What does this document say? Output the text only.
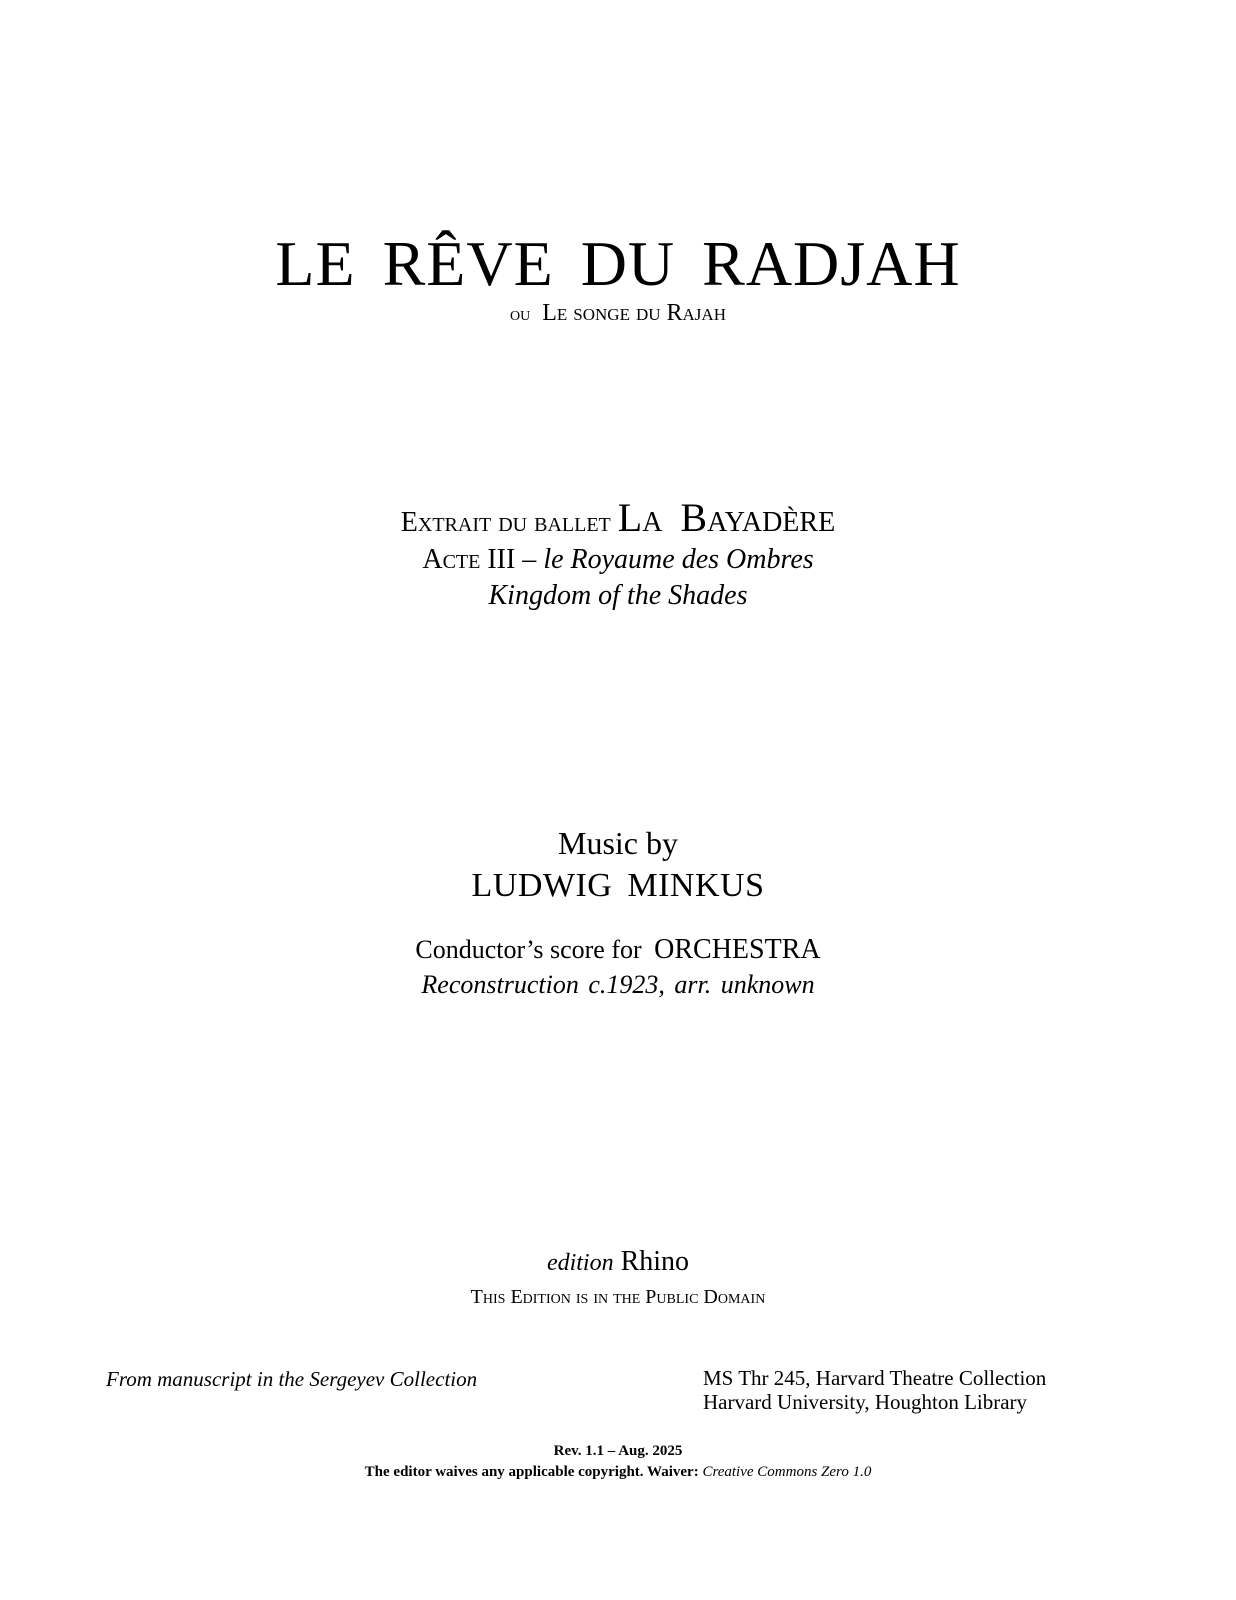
LE RÊVE DU RADJAH
ou Le songe du Rajah
Extrait du ballet La Bayadère
Acte III – le Royaume des Ombres
Kingdom of the Shades
Music by
LUDWIG MINKUS
Conductor’s score for ORCHESTRA
Reconstruction c.1923, arr. unknown
edition Rhino
This Edition is in the Public Domain
From manuscript in the Sergeyev Collection	MS Thr 245, Harvard Theatre Collection
Harvard University, Houghton Library
Rev. 1.1 – Aug. 2025
The editor waives any applicable copyright. Waiver: Creative Commons Zero 1.0
